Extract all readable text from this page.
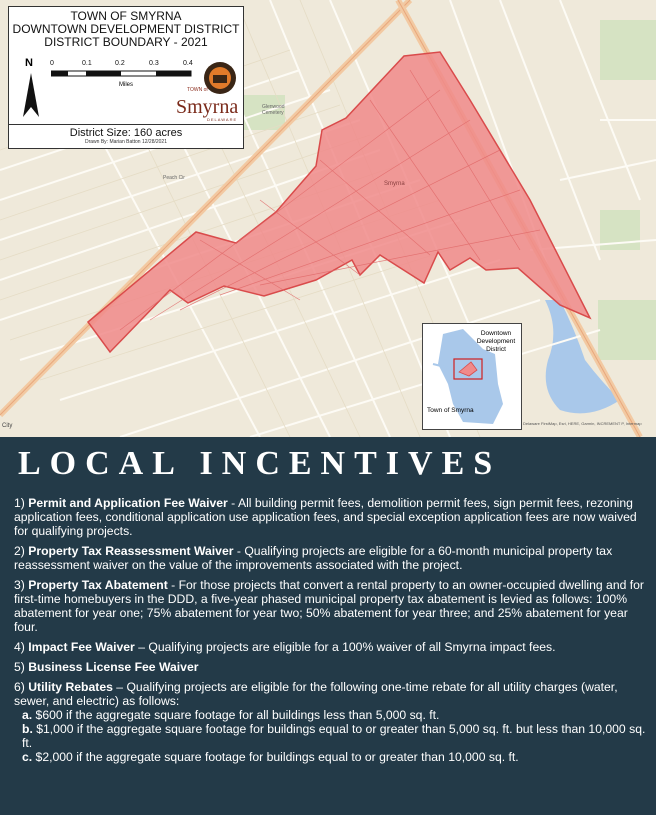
Peach Cir
Glenwood Cemetery
Smyrna
City
TOWN OF SMYRNA
DOWNTOWN DEVELOPMENT DISTRICT
DISTRICT BOUNDARY - 2021
N 0	0.1	0.2	0.3	0.4
Miles
TOWN of
Smyrna
DELAWARE
District Size: 160 acres
Drawn By: Marian Batton 12/28/2021
Downtown Development District
Town of Smyrna
Delaware FirstMap, Esri, HERE, Garmin, INCREMENT P, Intermap
LOCAL INCENTIVES
1) Permit and Application Fee Waiver - All building permit fees, demolition permit fees, sign permit fees, rezoning application fees, conditional application use application fees, and special exception application fees are now waived for qualifying projects.
2) Property Tax Reassessment Waiver - Qualifying projects are eligible for a 60-month municipal property tax reassessment waiver on the value of the improvements associated with the project.
3) Property Tax Abatement - For those projects that convert a rental property to an owner-occupied dwelling and for first-time homebuyers in the DDD, a five-year phased municipal property tax abatement is levied as follows: 100% abatement for year one; 75% abatement for year two; 50% abatement for year three; and 25% abatement for year four.
4) Impact Fee Waiver – Qualifying projects are eligible for a 100% waiver of all Smyrna impact fees.
5) Business License Fee Waiver
6) Utility Rebates – Qualifying projects are eligible for the following one-time rebate for all utility charges (water, sewer, and electric) as follows:
a. $600 if the aggregate square footage for all buildings less than 5,000 sq. ft.
b. $1,000 if the aggregate square footage for buildings equal to or greater than 5,000 sq. ft. but less than 10,000 sq. ft.
c. $2,000 if the aggregate square footage for buildings equal to or greater than 10,000 sq. ft.
